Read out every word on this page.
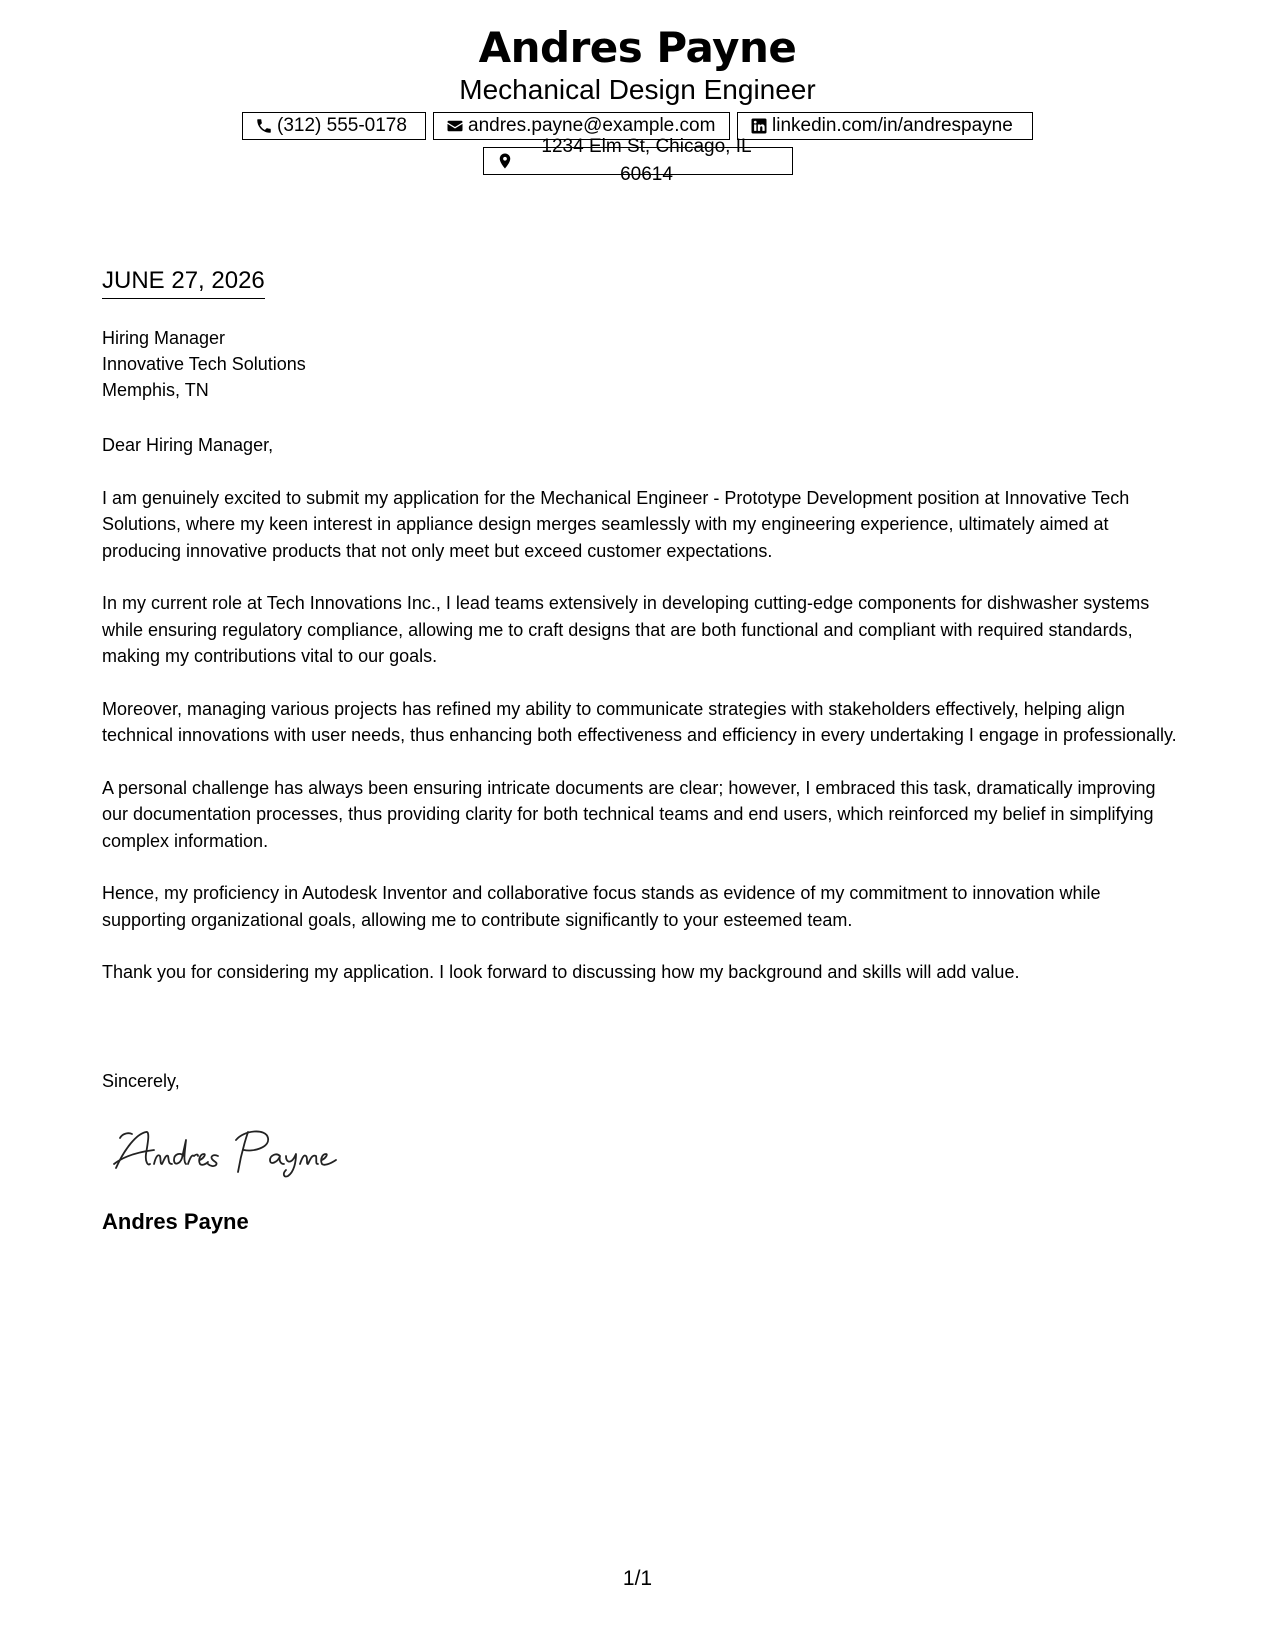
Andres Payne
Mechanical Design Engineer
(312) 555-0178	andres.payne@example.com	linkedin.com/in/andrespayne
1234 Elm St, Chicago, IL 60614
JUNE 27, 2026
Hiring Manager
Innovative Tech Solutions
Memphis, TN

Dear Hiring Manager,

I am genuinely excited to submit my application for the Mechanical Engineer - Prototype Development position at Innovative Tech Solutions, where my keen interest in appliance design merges seamlessly with my engineering experience, ultimately aimed at producing innovative products that not only meet but exceed customer expectations.

In my current role at Tech Innovations Inc., I lead teams extensively in developing cutting-edge components for dishwasher systems while ensuring regulatory compliance, allowing me to craft designs that are both functional and compliant with required standards, making my contributions vital to our goals.

Moreover, managing various projects has refined my ability to communicate strategies with stakeholders effectively, helping align technical innovations with user needs, thus enhancing both effectiveness and efficiency in every undertaking I engage in professionally.

A personal challenge has always been ensuring intricate documents are clear; however, I embraced this task, dramatically improving our documentation processes, thus providing clarity for both technical teams and end users, which reinforced my belief in simplifying complex information.

Hence, my proficiency in Autodesk Inventor and collaborative focus stands as evidence of my commitment to innovation while supporting organizational goals, allowing me to contribute significantly to your esteemed team.

Thank you for considering my application. I look forward to discussing how my background and skills will add value.

Sincerely,
Andres Payne
1/1
